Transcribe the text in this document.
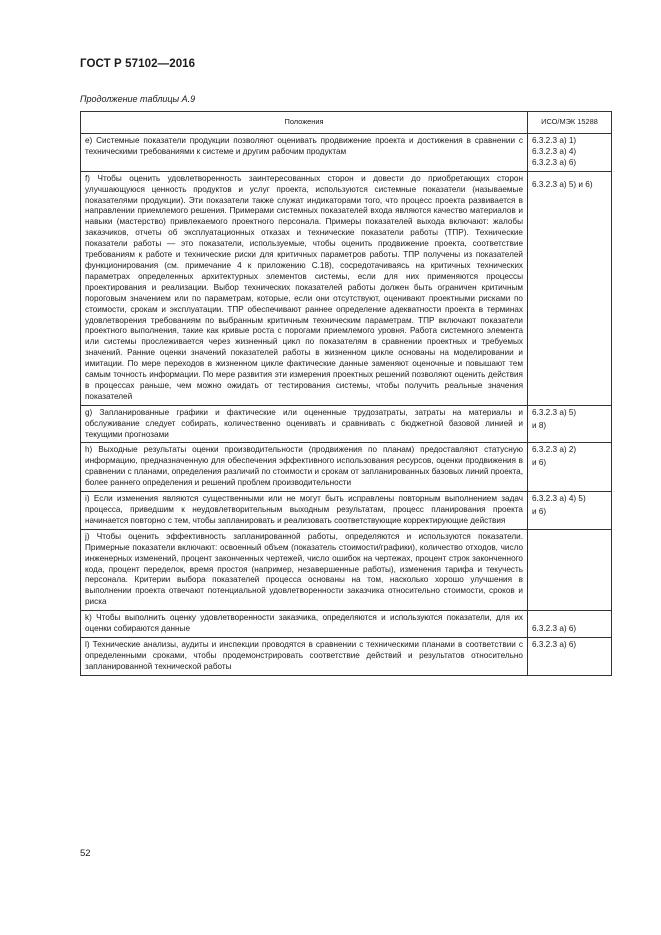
ГОСТ Р 57102—2016
Продолжение таблицы А.9
Положения	ИСО/МЭК 15288
e) Системные показатели продукции позволяют оценивать продвижение проекта и достижения в сравнении с техническими требованиями к системе и другим рабочим продуктам	6.3.2.3 а) 1)
6.3.2.3 а) 4)
6.3.2.3 а) 6)

f) Чтобы оценить удовлетворенность заинтересованных сторон и довести до приобретающих сторон улучшающуюся ценность продуктов и услуг проекта, используются системные показатели (называемые показателями продукции). Эти показатели также служат индикаторами того, что процесс проекта развивается в направлении приемлемого решения. Примерами системных показателей входа являются качество материалов и навыки (мастерство) привлекаемого проектного персонала. Примеры показателей выхода включают: жалобы заказчиков, отчеты об эксплуатационных отказах и технические показатели работы (ТПР). Технические показатели работы — это показатели, используемые, чтобы оценить продвижение проекта, соответствие требованиям к работе и технические риски для критичных параметров работы. ТПР получены из показателей функционирования (см. примечание 4 к приложению С.18), сосредотачиваясь на критичных технических параметрах определенных архитектурных элементов системы, если для них применяются процессы проектирования и реализации. Выбор технических показателей работы должен быть ограничен критичным пороговым значением или по параметрам, которые, если они отсутствуют, оценивают проектными рисками по стоимости, срокам и эксплуатации. ТПР обеспечивают раннее определение адекватности проекта в терминах удовлетворения требованиям по выбранным критичным техническим параметрам. ТПР включают показатели проектного выполнения, такие как кривые роста с порогами приемлемого уровня. Работа системного элемента или системы прослеживается через жизненный цикл по показателям в сравнении проектных и требуемых значений. Ранние оценки значений показателей работы в жизненном цикле основаны на моделировании и имитации. По мере переходов в жизненном цикле фактические данные заменяют оценочные и повышают тем самым точность информации. По мере развития эти измерения проектных решений позволяют оценить действия в процессах раньше, чем можно ожидать от тестирования системы, чтобы получить реальные значения показателей	6.3.2.3 а) 5) и 6)

g) Запланированные графики и фактические или оцененные трудозатраты, затраты на материалы и обслуживание следует собирать, количественно оценивать и сравнивать с бюджетной базовой линией и текущими прогнозами	6.3.2.3 а) 5)
и 8)

h) Выходные результаты оценки производительности (продвижения по планам) предоставляют статусную информацию, предназначенную для обеспечения эффективного использования ресурсов, оценки продвижения в сравнении с планами, определения различий по стоимости и срокам от запланированных базовых линий проекта, более раннего определения и решений проблем производительности	6.3.2.3 а) 2)
и 6)

i) Если изменения являются существенными или не могут быть исправлены повторным выполнением задач процесса, приведшим к неудовлетворительным выходным результатам, процесс планирования проекта начинается повторно с тем, чтобы запланировать и реализовать соответствующие корректирующие действия	6.3.2.3 а) 4) 5)
и 6)

j) Чтобы оценить эффективность запланированной работы, определяются и используются показатели. Примерные показатели включают: освоенный объем (показатель стоимости/графики), количество отходов, число инженерных изменений, процент законченных чертежей, число ошибок на чертежах, процент строк законченного кода, процент переделок, время простоя (например, незавершенные работы), изменения тарифа и текучесть персонала. Критерии выбора показателей процесса основаны на том, насколько хорошо улучшения в выполнении проекта отвечают потенциальной удовлетворенности заказчика относительно стоимости, сроков и риска	
k) Чтобы выполнить оценку удовлетворенности заказчика, определяются и используются показатели, для их оценки собираются данные	6.3.2.3 а) 6)

l) Технические анализы, аудиты и инспекции проводятся в сравнении с техническими планами в соответствии с определенными сроками, чтобы продемонстрировать соответствие действий и результатов относительно запланированной технической работы	6.3.2.3 а) 6)
52
